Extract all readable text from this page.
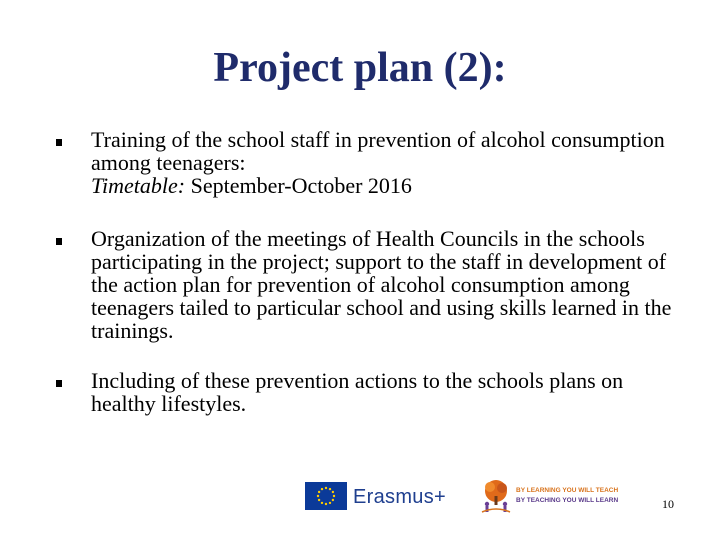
Project plan (2):
Training of the school staff in prevention of alcohol consumption among teenagers:
Timetable: September-October 2016
Organization of the meetings of Health Councils in the schools participating in the project; support to the staff in development of the action plan for prevention of alcohol consumption among teenagers tailed to particular school and using skills learned in the trainings.
Including of these prevention actions to the schools plans on healthy lifestyles.
Erasmus+	BY LEARNING YOU WILL TEACH
BY TEACHING YOU WILL LEARN	10
